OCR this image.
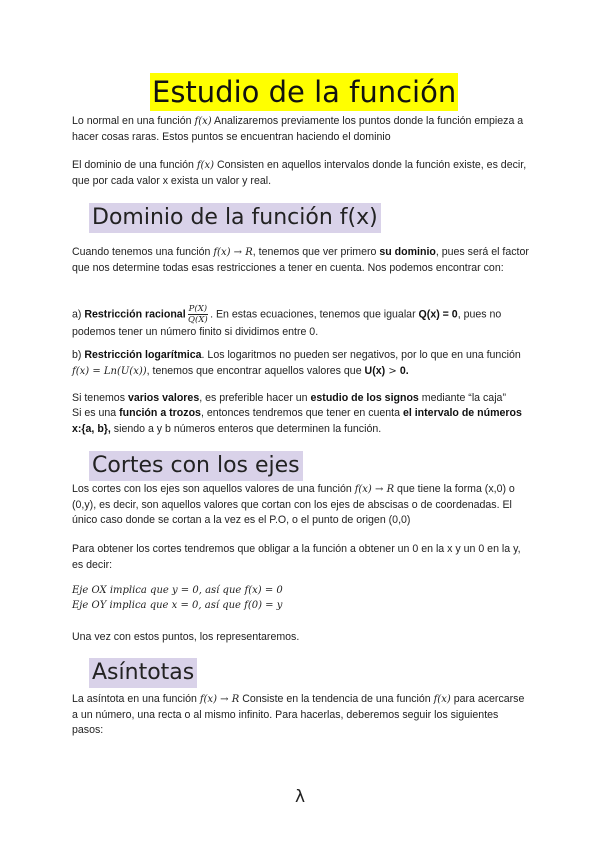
Estudio de la función
Lo normal en una función f(x) Analizaremos previamente los puntos donde la función empieza a hacer cosas raras. Estos puntos se encuentran haciendo el dominio
El dominio de una función f(x) Consisten en aquellos intervalos donde la función existe, es decir, que por cada valor x exista un valor y real.
Dominio de la función f(x)
Cuando tenemos una función f(x) → R, tenemos que ver primero su dominio, pues será el factor que nos determine todas esas restricciones a tener en cuenta. Nos podemos encontrar con:
a) Restricción racional $\frac{P(X)}{Q(X)}$ . En estas ecuaciones, tenemos que igualar Q(x) = 0, pues no podemos tener un número finito si dividimos entre 0.
b) Restricción logarítmica. Los logaritmos no pueden ser negativos, por lo que en una función f(x) = Ln(U(x)), tenemos que encontrar aquellos valores que U(x) > 0.
Si tenemos varios valores, es preferible hacer un estudio de los signos mediante “la caja”
Si es una función a trozos, entonces tendremos que tener en cuenta el intervalo de números x:{a, b}, siendo a y b números enteros que determinen la función.
Cortes con los ejes
Los cortes con los ejes son aquellos valores de una función f(x) → R que tiene la forma (x,0) o (0,y), es decir, son aquellos valores que cortan con los ejes de abscisas o de coordenadas. El único caso donde se cortan a la vez es el P.O, o el punto de origen (0,0)
Para obtener los cortes tendremos que obligar a la función a obtener un 0 en la x y un 0 en la y, es decir:
Eje OX implica que y = 0, así que f(x) = 0
Eje OY implica que x = 0, así que f(0) = y
Una vez con estos puntos, los representaremos.
Asíntotas
La asíntota en una función f(x) → R Consiste en la tendencia de una función f(x) para acercarse a un número, una recta o al mismo infinito. Para hacerlas, deberemos seguir los siguientes pasos:
λ
